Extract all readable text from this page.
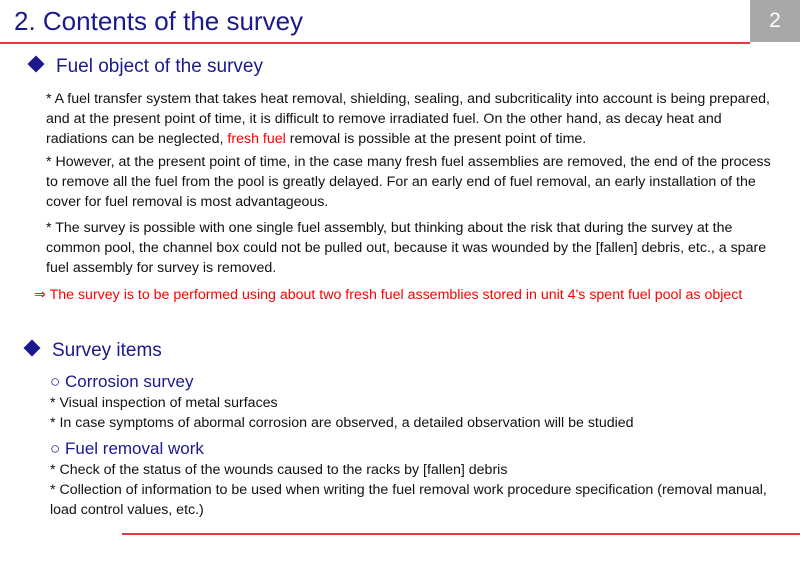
2. Contents of the survey	2
Fuel object of the survey
* A fuel transfer system that takes heat removal, shielding, sealing, and subcriticality into account is being prepared, and at the present point of time, it is difficult to remove irradiated fuel. On the other hand, as decay heat and radiations can be neglected, fresh fuel removal is possible at the present point of time.
* However, at the present point of time, in the case many fresh fuel assemblies are removed, the end of the process to remove all the fuel from the pool is greatly delayed. For an early end of fuel removal, an early installation of the cover for fuel removal is most advantageous.
* The survey is possible with one single fuel assembly, but thinking about the risk that during the survey at the common pool, the channel box could not be pulled out, because it was wounded by the [fallen] debris, etc., a spare fuel assembly for survey is removed.
⇒ The survey is to be performed using about two fresh fuel assemblies stored in unit 4's spent fuel pool as object
Survey items
○ Corrosion survey
* Visual inspection of metal surfaces
* In case symptoms of abormal corrosion are observed, a detailed observation will be studied
○ Fuel removal work
* Check of the status of the wounds caused to the racks by [fallen] debris
* Collection of information to be used when writing the fuel removal work procedure specification (removal manual, load control values, etc.)
